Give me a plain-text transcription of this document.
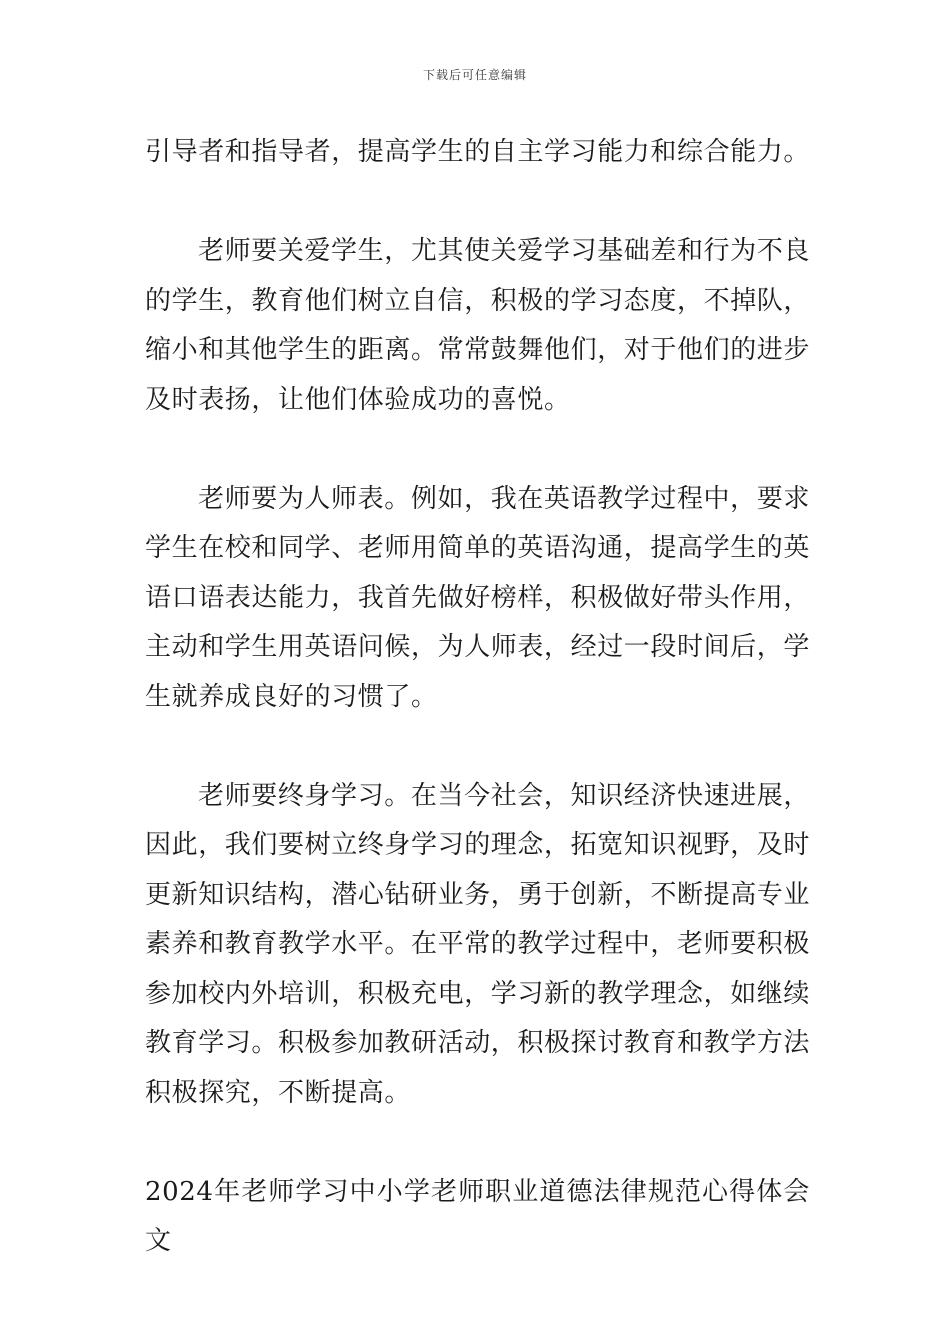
下载后可任意编辑

引导者和指导者，提高学生的自主学习能力和综合能力。

老师要关爱学生，尤其使关爱学习基础差和行为不良的学生，教育他们树立自信，积极的学习态度，不掉队，缩小和其他学生的距离。常常鼓舞他们，对于他们的进步及时表扬，让他们体验成功的喜悦。

老师要为人师表。例如，我在英语教学过程中，要求学生在校和同学、老师用简单的英语沟通，提高学生的英语口语表达能力，我首先做好榜样，积极做好带头作用，主动和学生用英语问候，为人师表，经过一段时间后，学生就养成良好的习惯了。

老师要终身学习。在当今社会，知识经济快速进展，因此，我们要树立终身学习的理念，拓宽知识视野，及时更新知识结构，潜心钻研业务，勇于创新，不断提高专业素养和教育教学水平。在平常的教学过程中，老师要积极参加校内外培训，积极充电，学习新的教学理念，如继续教育学习。积极参加教研活动，积极探讨教育和教学方法积极探究，不断提高。

2024年老师学习中小学老师职业道德法律规范心得体会文
